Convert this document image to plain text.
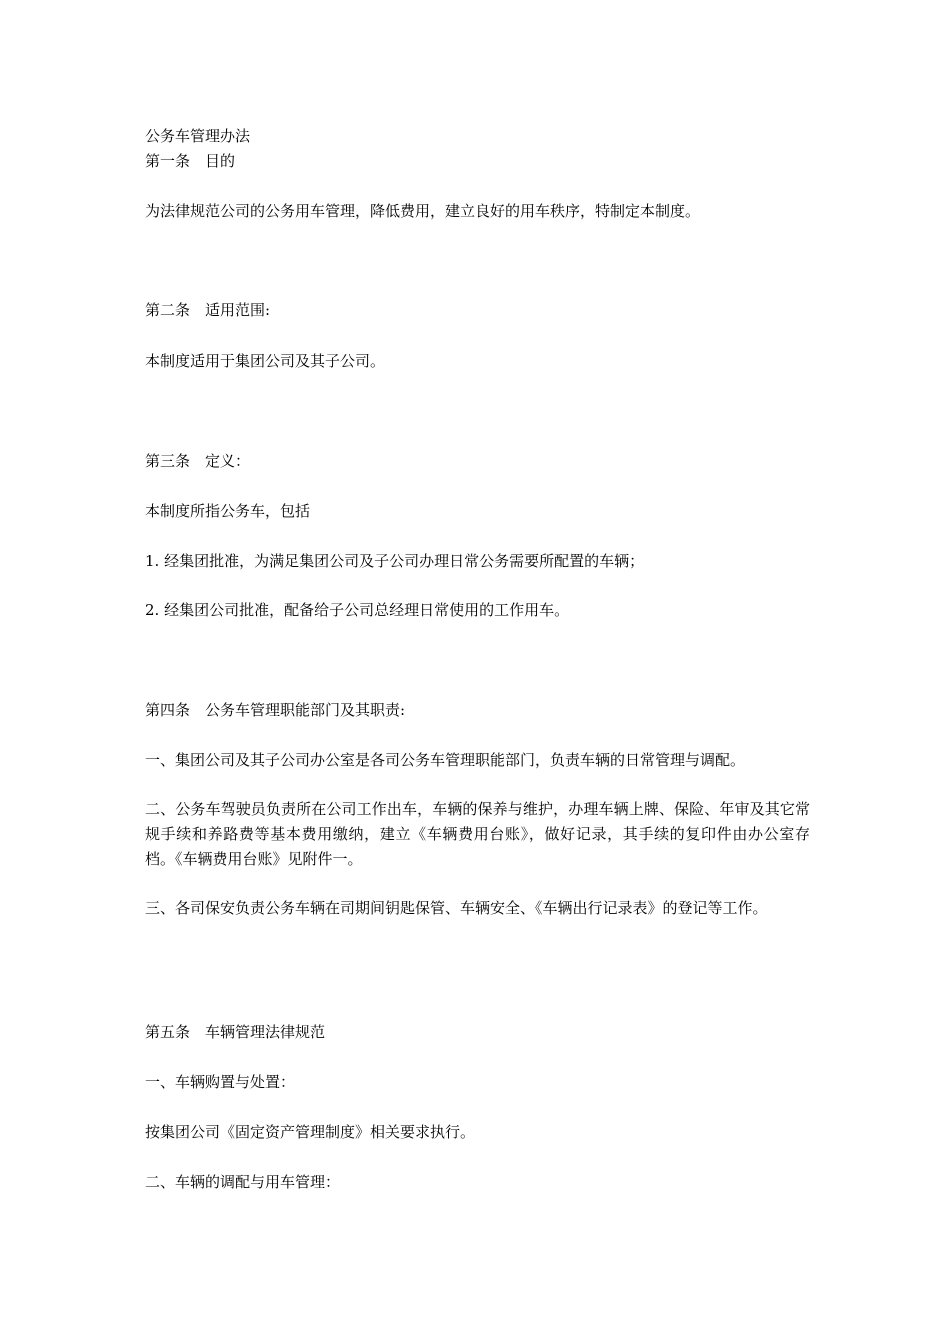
公务车管理办法
第一条　目的
为法律规范公司的公务用车管理，降低费用，建立良好的用车秩序，特制定本制度。
第二条　适用范围:
本制度适用于集团公司及其子公司。
第三条　定义：
本制度所指公务车，包括
1. 经集团批准，为满足集团公司及子公司办理日常公务需要所配置的车辆；
2. 经集团公司批准，配备给子公司总经理日常使用的工作用车。
第四条　公务车管理职能部门及其职责:
一、集团公司及其子公司办公室是各司公务车管理职能部门，负责车辆的日常管理与调配。
二、公务车驾驶员负责所在公司工作出车，车辆的保养与维护，办理车辆上牌、保险、年审及其它常规手续和养路费等基本费用缴纳，建立《车辆费用台账》，做好记录，其手续的复印件由办公室存档。《车辆费用台账》见附件一。
三、各司保安负责公务车辆在司期间钥匙保管、车辆安全、《车辆出行记录表》的登记等工作。
第五条　车辆管理法律规范
一、车辆购置与处置：
按集团公司《固定资产管理制度》相关要求执行。
二、车辆的调配与用车管理：
